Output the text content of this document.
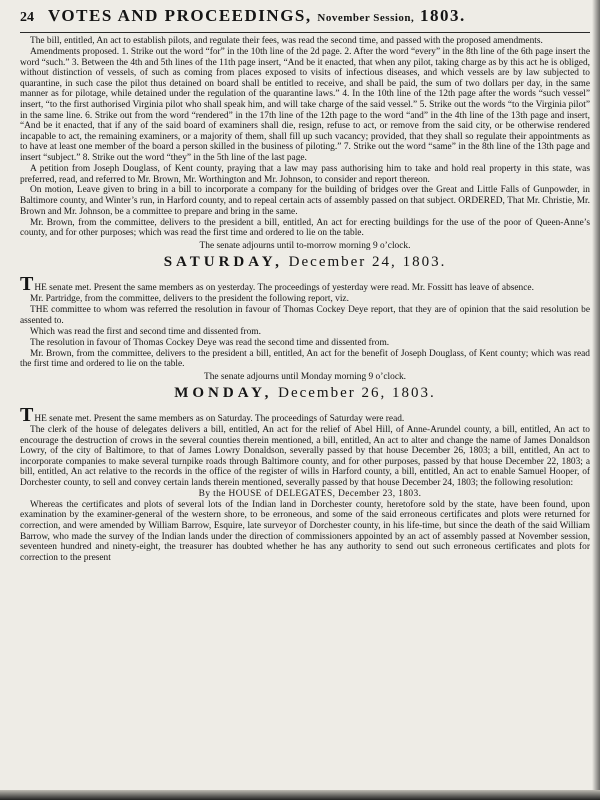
24 VOTES AND PROCEEDINGS, November Session, 1803.

The bill, entitled, An act to establish pilots, and regulate their fees, was read the second time, and passed with the proposed amendments.

Amendments proposed. 1. Strike out the word “for” in the 10th line of the 2d page. 2. After the word “every” in the 8th line of the 6th page insert the word “such.” 3. Between the 4th and 5th lines of the 11th page insert, “And be it enacted, that when any pilot, taking charge as by this act he is obliged, without distinction of vessels, of such as coming from places exposed to visits of infectious diseases, and which vessels are by law subjected to quarantine, in such case the pilot thus detained on board shall be entitled to receive, and shall be paid, the sum of two dollars per day, in the same manner as for pilotage, while detained under the regulation of the quarantine laws.” 4. In the 10th line of the 12th page after the words “such vessel” insert, “to the first authorised Virginia pilot who shall speak him, and will take charge of the said vessel.” 5. Strike out the words “to the Virginia pilot” in the same line. 6. Strike out from the word “rendered” in the 17th line of the 12th page to the word “and” in the 4th line of the 13th page and insert, “And be it enacted, that if any of the said board of examiners shall die, resign, refuse to act, or remove from the said city, or be otherwise rendered incapable to act, the remaining examiners, or a majority of them, shall fill up such vacancy; provided, that they shall so regulate their appointments as to have at least one member of the board a person skilled in the business of piloting.” 7. Strike out the word “same” in the 8th line of the 13th page and insert “subject.” 8. Strike out the word “they” in the 5th line of the last page.

A petition from Joseph Douglass, of Kent county, praying that a law may pass authorising him to take and hold real property in this state, was preferred, read, and referred to Mr. Brown, Mr. Worthington and Mr. Johnson, to consider and report thereon.

On motion, Leave given to bring in a bill to incorporate a company for the building of bridges over the Great and Little Falls of Gunpowder, in Baltimore county, and Winter’s run, in Harford county, and to repeal certain acts of assembly passed on that subject. ORDERED, That Mr. Christie, Mr. Brown and Mr. Johnson, be a committee to prepare and bring in the same.

Mr. Brown, from the committee, delivers to the president a bill, entitled, An act for erecting buildings for the use of the poor of Queen-Anne’s county, and for other purposes; which was read the first time and ordered to lie on the table.

The senate adjourns until to-morrow morning 9 o’clock.

SATURDAY, December 24, 1803.

THE senate met. Present the same members as on yesterday. The proceedings of yesterday were read. Mr. Fossitt has leave of absence.

Mr. Partridge, from the committee, delivers to the president the following report, viz.

THE committee to whom was referred the resolution in favour of Thomas Cockey Deye report, that they are of opinion that the said resolution be assented to.

Which was read the first and second time and dissented from.

The resolution in favour of Thomas Cockey Deye was read the second time and dissented from.

Mr. Brown, from the committee, delivers to the president a bill, entitled, An act for the benefit of Joseph Douglass, of Kent county; which was read the first time and ordered to lie on the table.

The senate adjourns until Monday morning 9 o’clock.

MONDAY, December 26, 1803.

THE senate met. Present the same members as on Saturday. The proceedings of Saturday were read.

The clerk of the house of delegates delivers a bill, entitled, An act for the relief of Abel Hill, of Anne-Arundel county, a bill, entitled, An act to encourage the destruction of crows in the several counties therein mentioned, a bill, entitled, An act to alter and change the name of James Donaldson Lowry, of the city of Baltimore, to that of James Lowry Donaldson, severally passed by that house December 26, 1803; a bill, entitled, An act to incorporate companies to make several turnpike roads through Baltimore county, and for other purposes, passed by that house December 22, 1803; a bill, entitled, An act relative to the records in the office of the register of wills in Harford county, a bill, entitled, An act to enable Samuel Hooper, of Dorchester county, to sell and convey certain lands therein mentioned, severally passed by that house December 24, 1803; the following resolution:

By the HOUSE of DELEGATES, December 23, 1803.

Whereas the certificates and plots of several lots of the Indian land in Dorchester county, heretofore sold by the state, have been found, upon examination by the examiner-general of the western shore, to be erroneous, and some of the said erroneous certificates and plots were returned for correction, and were amended by William Barrow, Esquire, late surveyor of Dorchester county, in his life-time, but since the death of the said William Barrow, who made the survey of the Indian lands under the direction of commissioners appointed by an act of assembly passed at November session, seventeen hundred and ninety-eight, the treasurer has doubted whether he has any authority to send out such erroneous certificates and plots for correction to the present
